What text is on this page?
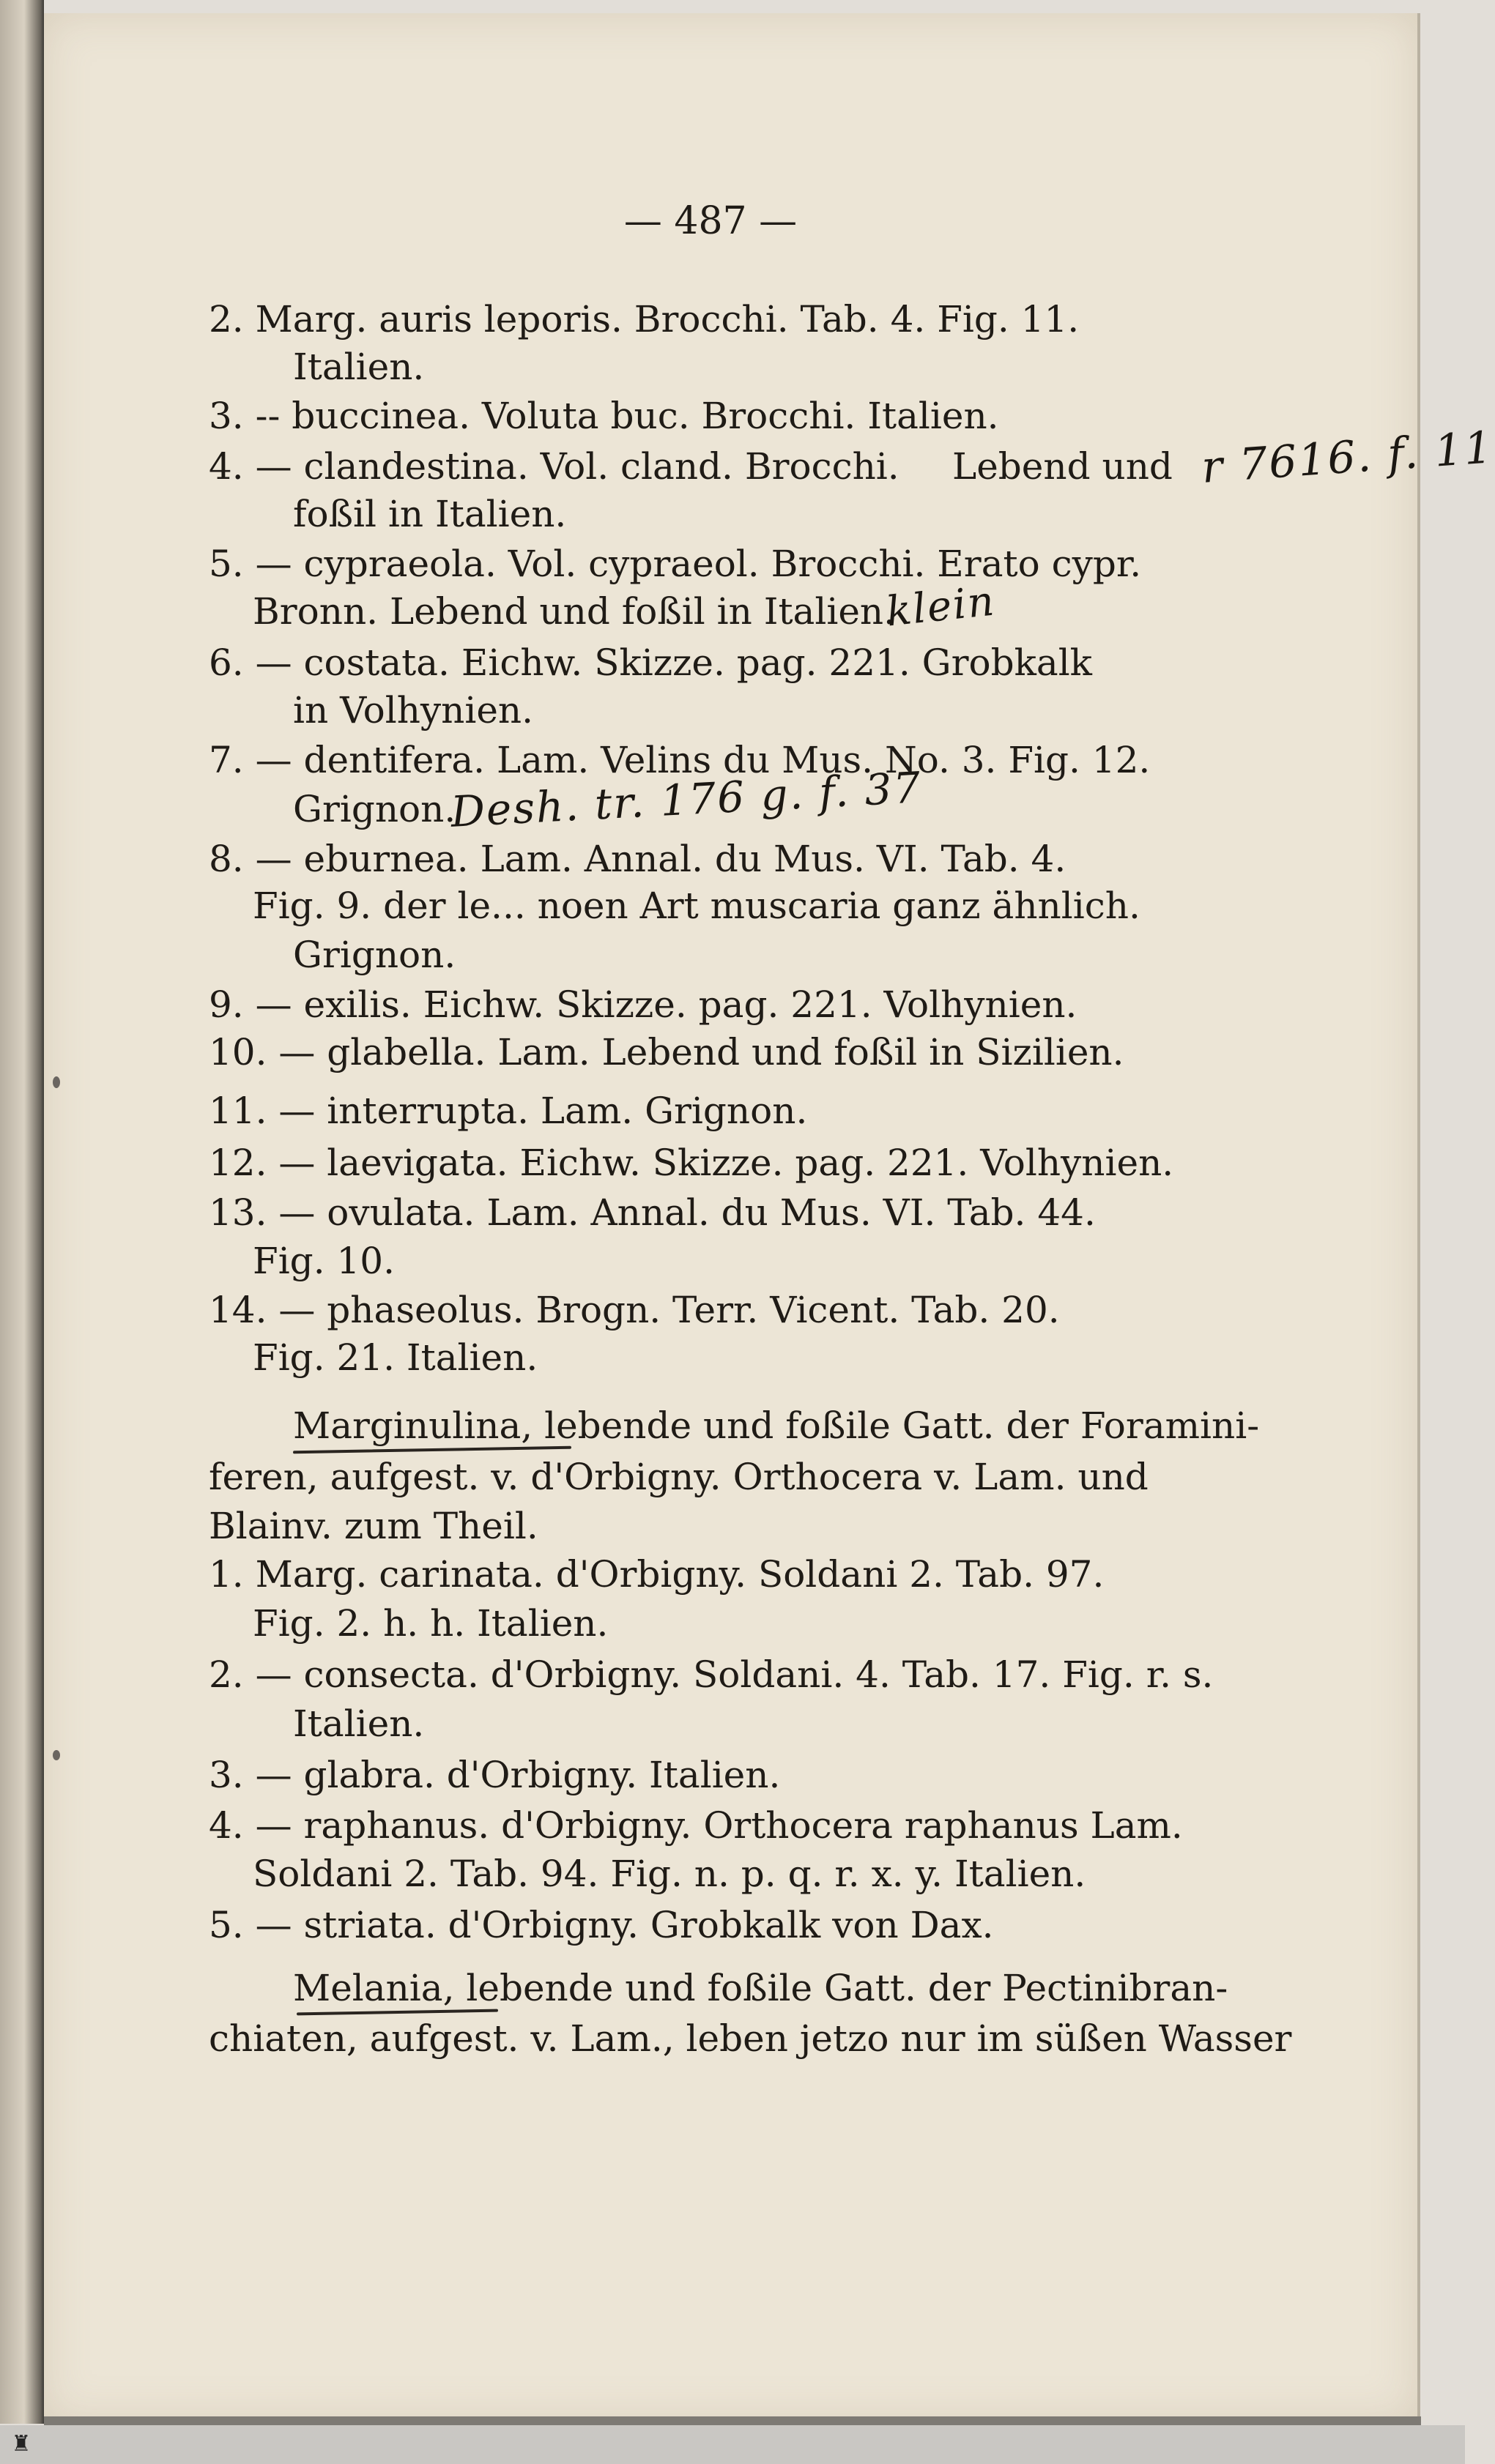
♜
— 487 —
2. Marg. auris leporis. Brocchi. Tab. 4. Fig. 11.
Italien.
3. -- buccinea. Voluta buc. Brocchi. Italien.
4. — clandestina. Vol. cland. Brocchi. Lebend und
foßil in Italien.
5. — cypraeola. Vol. cypraeol. Brocchi. Erato cypr.
Bronn. Lebend und foßil in Italien.
6. — costata. Eichw. Skizze. pag. 221. Grobkalk
in Volhynien.
7. — dentifera. Lam. Velins du Mus. No. 3. Fig. 12.
Grignon.
8. — eburnea. Lam. Annal. du Mus. VI. Tab. 4.
Fig. 9. der le... noen Art muscaria ganz ähnlich.
Grignon.
9. — exilis. Eichw. Skizze. pag. 221. Volhynien.
10. — glabella. Lam. Lebend und foßil in Sizilien.
11. — interrupta. Lam. Grignon.
12. — laevigata. Eichw. Skizze. pag. 221. Volhynien.
13. — ovulata. Lam. Annal. du Mus. VI. Tab. 44.
Fig. 10.
14. — phaseolus. Brogn. Terr. Vicent. Tab. 20.
Fig. 21. Italien.
Marginulina, lebende und foßile Gatt. der Foramini-
feren, aufgest. v. d'Orbigny. Orthocera v. Lam. und
Blainv. zum Theil.
1. Marg. carinata. d'Orbigny. Soldani 2. Tab. 97.
Fig. 2. h. h. Italien.
2. — consecta. d'Orbigny. Soldani. 4. Tab. 17. Fig. r. s.
Italien.
3. — glabra. d'Orbigny. Italien.
4. — raphanus. d'Orbigny. Orthocera raphanus Lam.
Soldani 2. Tab. 94. Fig. n. p. q. r. x. y. Italien.
5. — striata. d'Orbigny. Grobkalk von Dax.
Melania, lebende und foßile Gatt. der Pectinibran-
chiaten, aufgest. v. Lam., leben jetzo nur im süßen Wasser
r 7616. f. 11
klein
Desh. tr. 176 g. f. 37
